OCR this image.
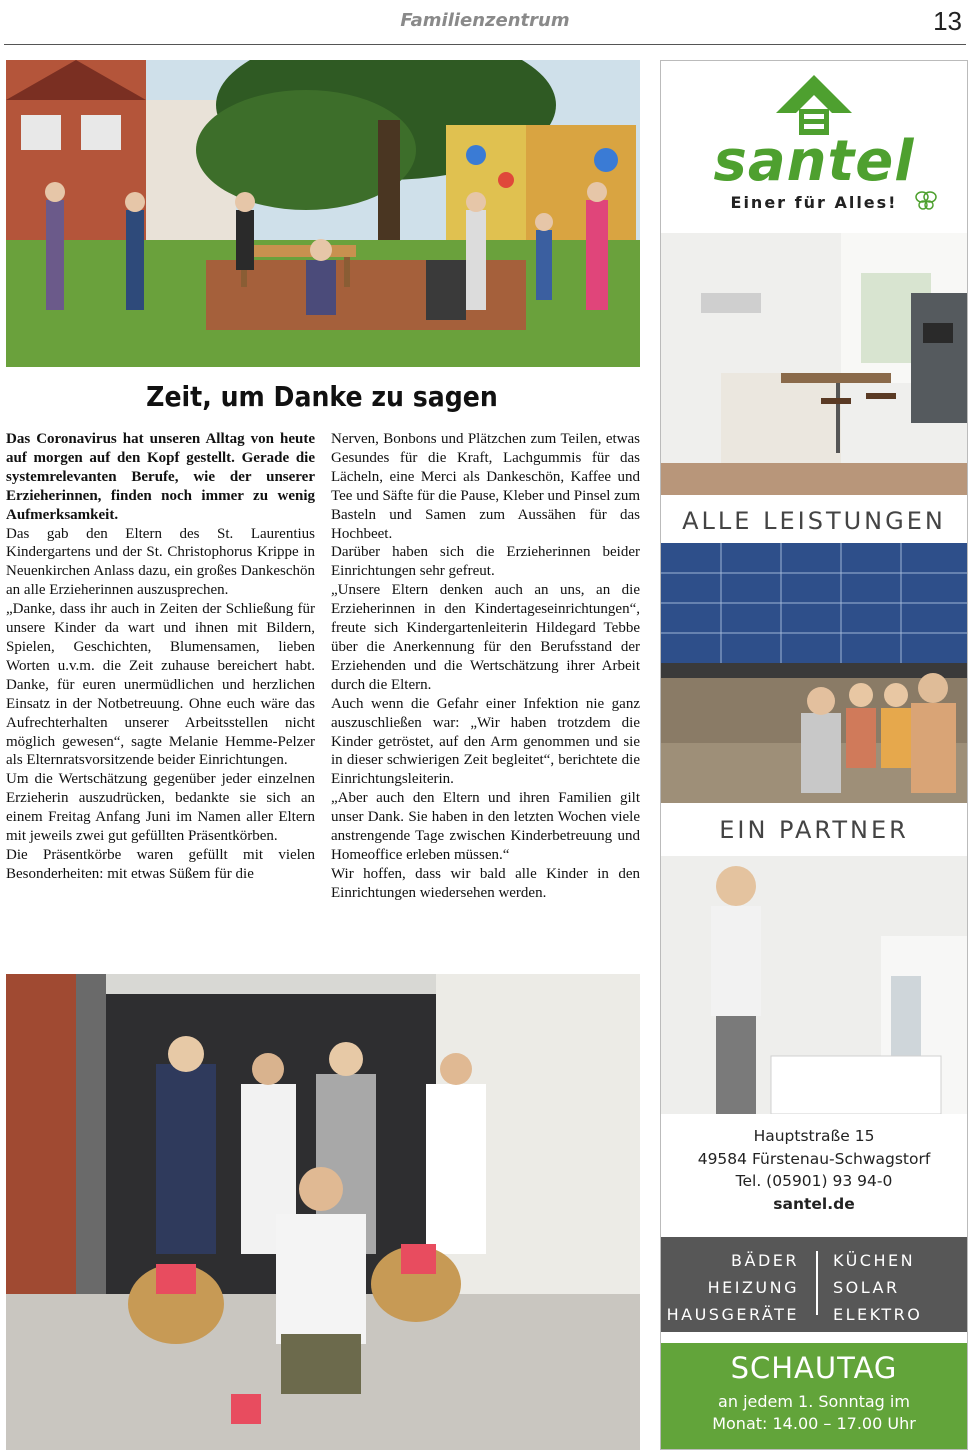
Familienzentrum	13
Zeit, um Danke zu sagen

Das Coronavirus hat unseren Alltag von heute auf morgen auf den Kopf gestellt. Gerade die systemrelevanten Berufe, wie der unserer Erzieherinnen, finden noch immer zu wenig Aufmerksamkeit.

Das gab den Eltern des St. Laurentius Kindergartens und der St. Christophorus Krippe in Neuenkirchen Anlass dazu, ein großes Dankeschön an alle Erzieherinnen auszusprechen.

„Danke, dass ihr auch in Zeiten der Schließung für unsere Kinder da wart und ihnen mit Bildern, Spielen, Geschichten, Blumensamen, lieben Worten u.v.m. die Zeit zuhause bereichert habt. Danke, für euren unermüdlichen und herzlichen Einsatz in der Notbetreuung. Ohne euch wäre das Aufrechterhalten unserer Arbeitsstellen nicht möglich gewesen“, sagte Melanie Hemme-Pelzer als Elternratsvorsitzende beider Einrichtungen.

Um die Wertschätzung gegenüber jeder einzelnen Erzieherin auszudrücken, bedankte sie sich an einem Freitag Anfang Juni im Namen aller Eltern mit jeweils zwei gut gefüllten Präsentkörben.

Die Präsentkörbe waren gefüllt mit vielen Besonderheiten: mit etwas Süßem für die

Nerven, Bonbons und Plätzchen zum Teilen, etwas Gesundes für die Kraft, Lachgummis für das Lächeln, eine Merci als Dankeschön, Kaffee und Tee und Säfte für die Pause, Kleber und Pinsel zum Basteln und Samen zum Aussähen für das Hochbeet.

Darüber haben sich die Erzieherinnen beider Einrichtungen sehr gefreut.

„Unsere Eltern denken auch an uns, an die Erzieherinnen in den Kindertageseinrichtungen“, freute sich Kindergartenleiterin Hildegard Tebbe über die Anerkennung für den Berufsstand der Erziehenden und die Wertschätzung ihrer Arbeit durch die Eltern.

Auch wenn die Gefahr einer Infektion nie ganz auszuschließen war: „Wir haben trotzdem die Kinder getröstet, auf den Arm genommen und sie in dieser schwierigen Zeit begleitet“, berichtete die Einrichtungsleiterin.

„Aber auch den Eltern und ihren Familien gilt unser Dank. Sie haben in den letzten Wochen viele anstrengende Tage zwischen Kinderbetreuung und Homeoffice erleben müssen.“

Wir hoffen, dass wir bald alle Kinder in den Einrichtungen wiedersehen werden.

santel
Einer für Alles!
ALLE LEISTUNGEN
EIN PARTNER
Hauptstraße 15
49584 Fürstenau-Schwagstorf
Tel. (05901) 93 94-0
santel.de
BÄDER
HEIZUNG
HAUSGERÄTE
KÜCHEN
SOLAR
ELEKTRO
SCHAUTAG
an jedem 1. Sonntag im
Monat: 14.00 – 17.00 Uhr
